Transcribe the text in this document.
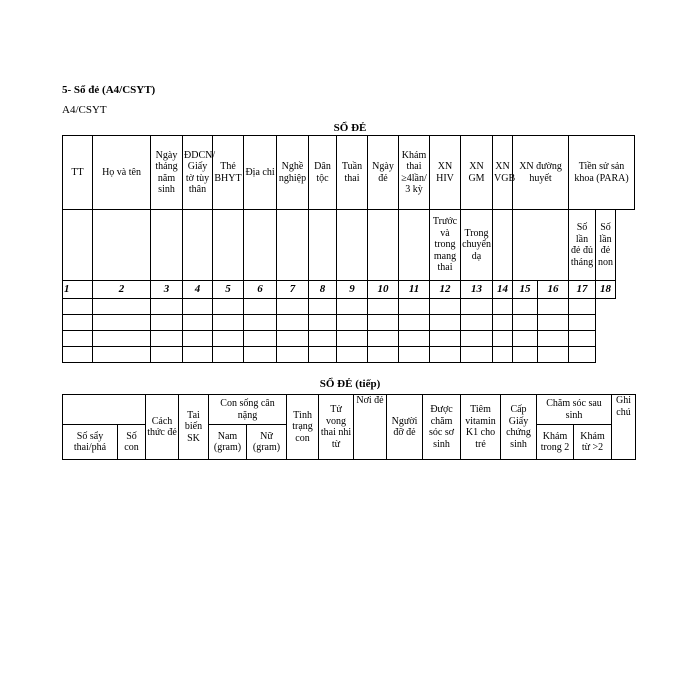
5- Sổ đẻ (A4/CSYT)
A4/CSYT
SỔ ĐẺ
TT	Họ và tên	Ngày tháng năm sinh	ĐDCN/ Giấy tờ tùy thân	Thẻ BHYT	Địa chỉ	Nghề nghiệp	Dân tộc	Tuần thai	Ngày đẻ	Khám thai ≥4lần/ 3 kỳ	XN HIV	XN GM	XN VGB	XN đường huyết		Tiền sử sản khoa (PARA)	
											Trước và trong mang thai	Trong chuyển dạ				Số lần đẻ đủ tháng	Số lần đẻ non
1	2	3	4	5	6	7	8	9	10	11	12	13	14	15	16	17	18

SỔ ĐẺ (tiếp)
		Cách thức đẻ	Tai biến SK	Con sống cân nặng		Tình trạng con	Tử vong thai nhi từ	Nơi đẻ	Người đỡ đẻ	Được chăm sóc sơ sinh	Tiêm vitamin K1 cho trẻ	Cấp Giấy chứng sinh	Chăm sóc sau sinh		Ghi chú
Số sẩy thai/phá	Số con			Nam (gram)	Nữ (gram)								Khám trong 2	Khám từ >2	
